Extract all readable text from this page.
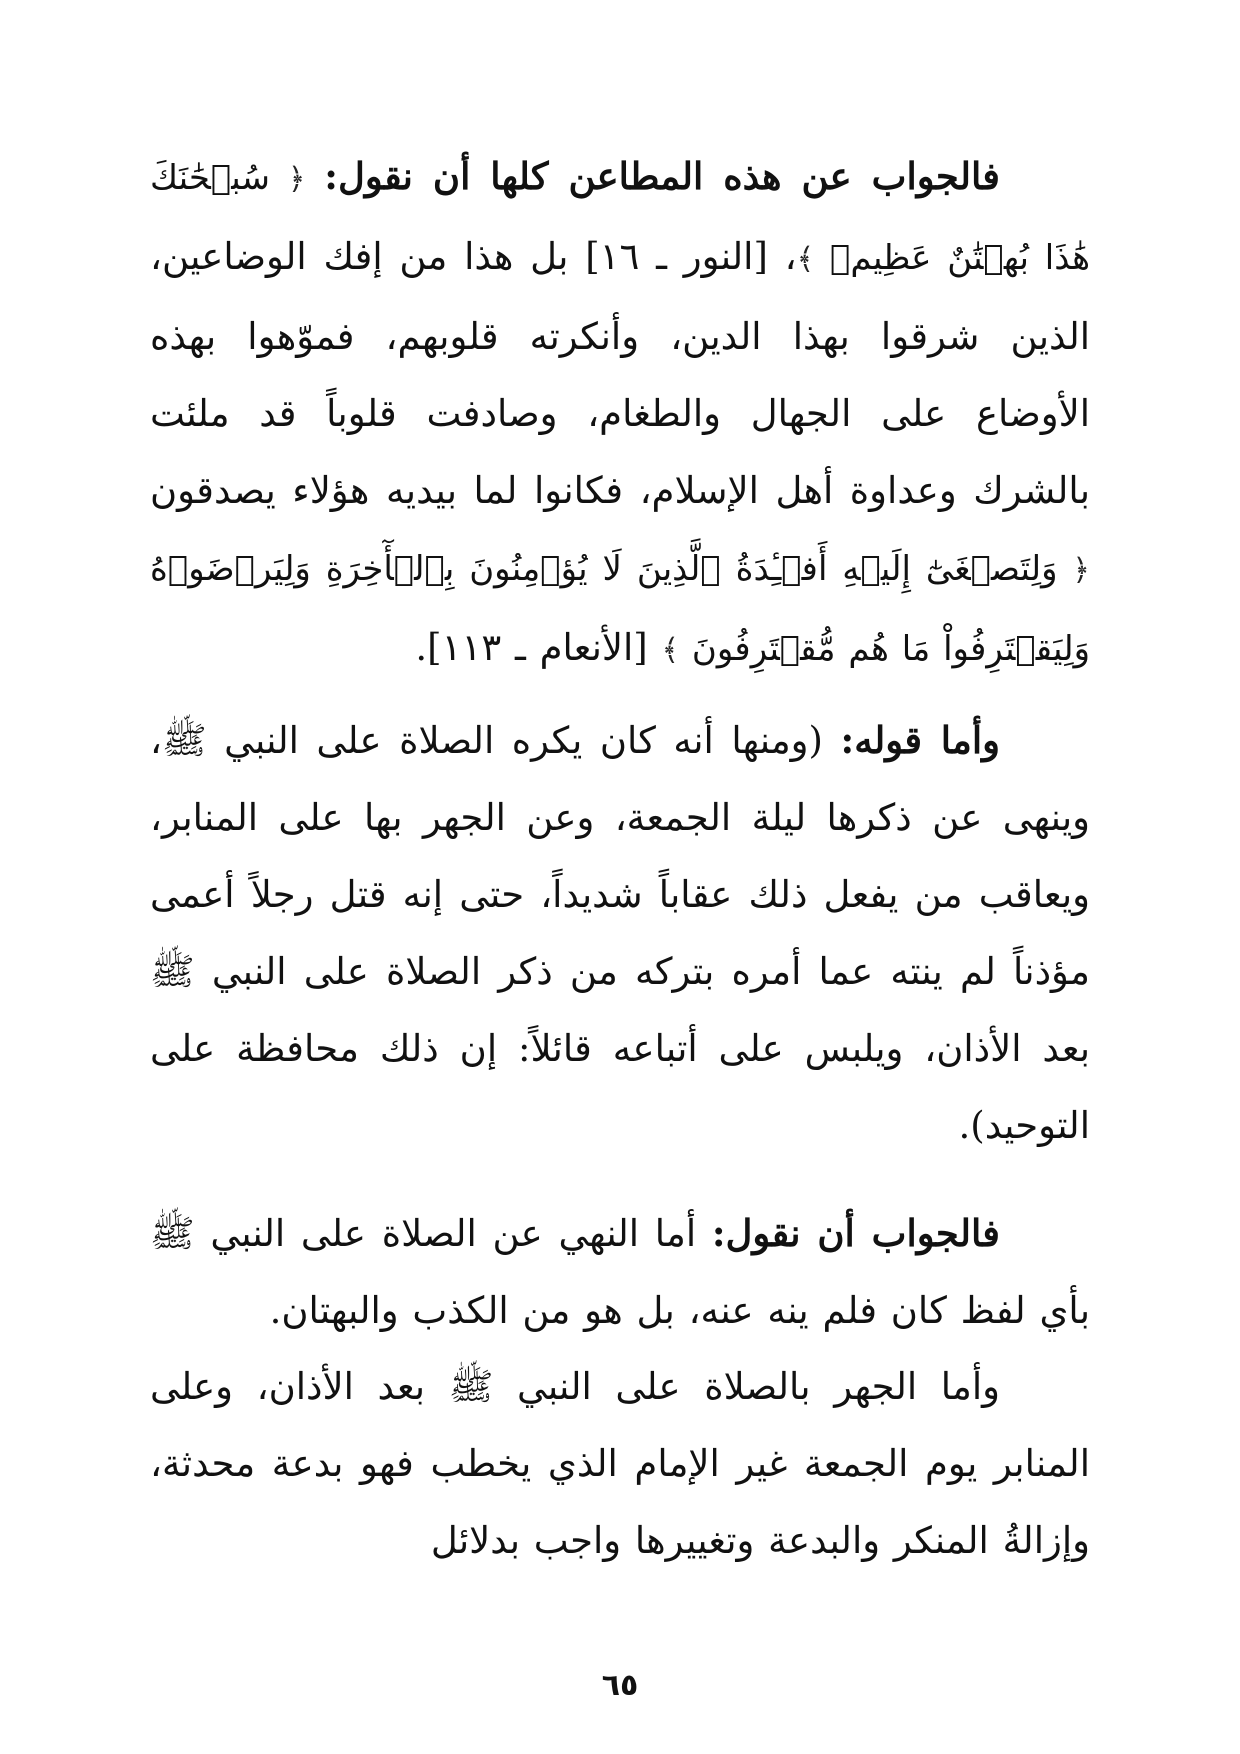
فالجواب عن هذه المطاعن كلها أن نقول: ﴿ سُبۡحَٰنَكَ هَٰذَا بُهۡتَٰنٌ عَظِيمٞ ﴾، [النور ـ ١٦] بل هذا من إفك الوضاعين، الذين شرقوا بهذا الدين، وأنكرته قلوبهم، فموّهوا بهذه الأوضاع على الجهال والطغام، وصادفت قلوباً قد ملئت بالشرك وعداوة أهل الإسلام، فكانوا لما بيديه هؤلاء يصدقون ﴿ وَلِتَصۡغَىٰٓ إِلَيۡهِ أَفۡـِٔدَةُ ٱلَّذِينَ لَا يُؤۡمِنُونَ بِٱلۡأٓخِرَةِ وَلِيَرۡضَوۡهُ وَلِيَقۡتَرِفُواْ مَا هُم مُّقۡتَرِفُونَ ﴾ [الأنعام ـ ١١٣].

وأما قوله: (ومنها أنه كان يكره الصلاة على النبي ﷺ، وينهى عن ذكرها ليلة الجمعة، وعن الجهر بها على المنابر، ويعاقب من يفعل ذلك عقاباً شديداً، حتى إنه قتل رجلاً أعمى مؤذناً لم ينته عما أمره بتركه من ذكر الصلاة على النبي ﷺ بعد الأذان، ويلبس على أتباعه قائلاً: إن ذلك محافظة على التوحيد).

فالجواب أن نقول: أما النهي عن الصلاة على النبي ﷺ بأي لفظ كان فلم ينه عنه، بل هو من الكذب والبهتان.

وأما الجهر بالصلاة على النبي ﷺ بعد الأذان، وعلى المنابر يوم الجمعة غير الإمام الذي يخطب فهو بدعة محدثة، وإزالةُ المنكر والبدعة وتغييرها واجب بدلائل

٦٥
